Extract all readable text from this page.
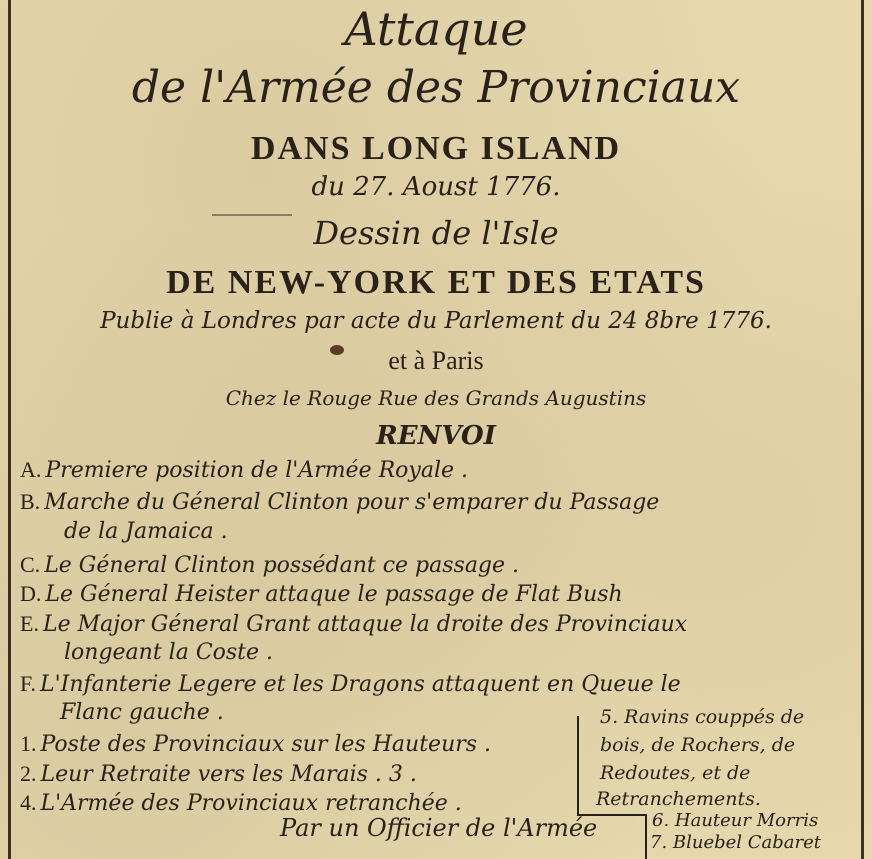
Attaque
de l'Armée des Provinciaux
DANS LONG ISLAND
du 27. Aoust 1776.
Dessin de l'Isle
DE NEW-YORK ET DES ETATS
Publie à Londres par acte du Parlement du 24 8bre 1776.
et à Paris
Chez le Rouge Rue des Grands Augustins
RENVOI
A. Premiere position de l'Armée Royale .
B. Marche du Géneral Clinton pour s'emparer du Passage
de la Jamaica .
C. Le Géneral Clinton possédant ce passage .
D. Le Géneral Heister attaque le passage de Flat Bush
E. Le Major Géneral Grant attaque la droite des Provinciaux
longeant la Coste .
F. L'Infanterie Legere et les Dragons attaquent en Queue le
Flanc gauche .
1. Poste des Provinciaux sur les Hauteurs .
2. Leur Retraite vers les Marais . 3 .
4. L'Armée des Provinciaux retranchée .
5. Ravins couppés de
bois, de Rochers, de
Redoutes, et de
Retranchements.
6. Hauteur Morris
7. Bluebel Cabaret
Par un Officier de l'Armée
